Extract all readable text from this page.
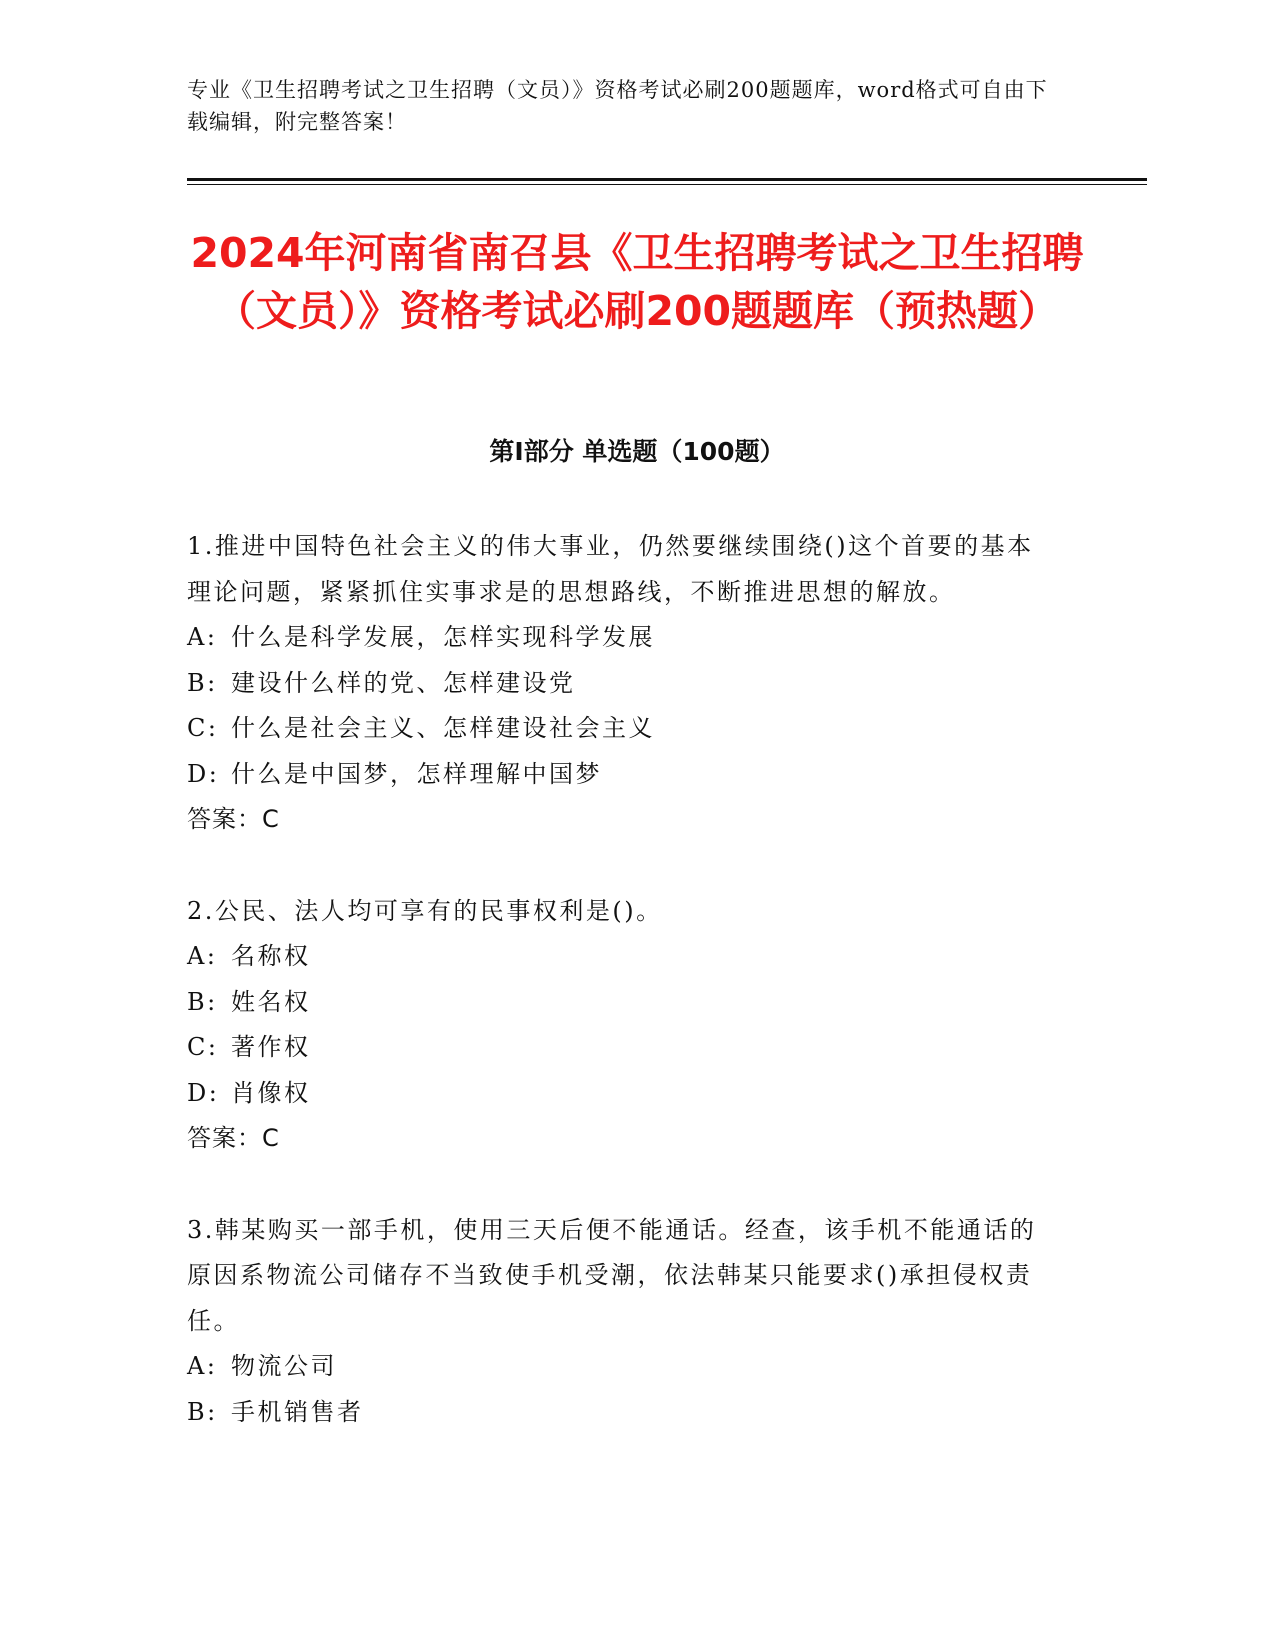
专业《卫生招聘考试之卫生招聘（文员）》资格考试必刷200题题库，word格式可自由下载编辑，附完整答案！
2024年河南省南召县《卫生招聘考试之卫生招聘（文员）》资格考试必刷200题题库（预热题）
第I部分 单选题（100题）
1.推进中国特色社会主义的伟大事业，仍然要继续围绕()这个首要的基本理论问题，紧紧抓住实事求是的思想路线，不断推进思想的解放。
A: 什么是科学发展，怎样实现科学发展
B: 建设什么样的党、怎样建设党
C: 什么是社会主义、怎样建设社会主义
D: 什么是中国梦，怎样理解中国梦
答案：C
2.公民、法人均可享有的民事权利是()。
A: 名称权
B: 姓名权
C: 著作权
D: 肖像权
答案：C
3.韩某购买一部手机，使用三天后便不能通话。经查，该手机不能通话的原因系物流公司储存不当致使手机受潮，依法韩某只能要求()承担侵权责任。
A: 物流公司
B: 手机销售者
